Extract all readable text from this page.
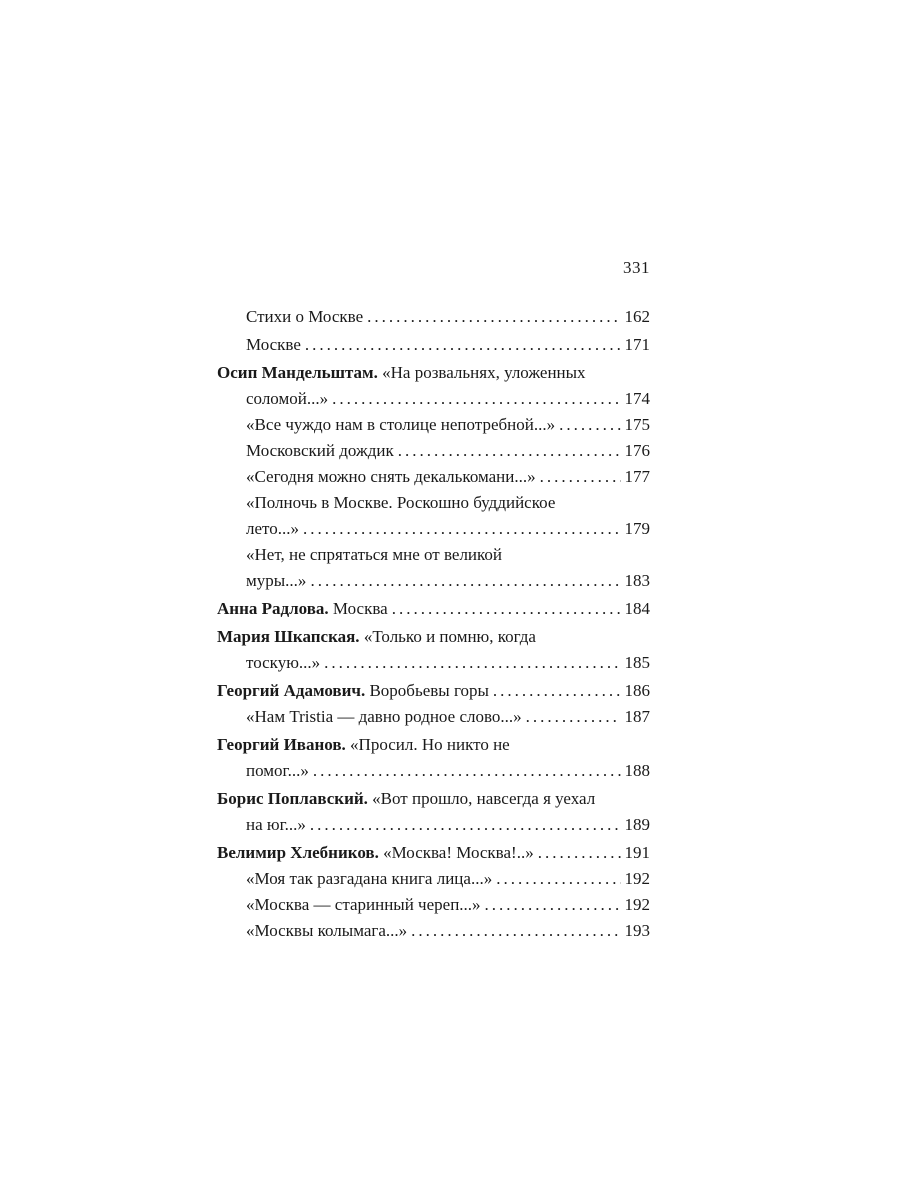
331
Стихи о Москве .....	162
Москве .....	171
Осип Мандельштам. «На розвальнях, уложенных
соломой...» .....	174
«Все чуждо нам в столице непотребной...» .....	175
Московский дождик .....	176
«Сегодня можно снять декалькомани...» .....	177
«Полночь в Москве. Роскошно буддийское
лето...» .....	179
«Нет, не спрятаться мне от великой
муры...» .....	183
Анна Радлова. Москва .....	184
Мария Шкапская. «Только и помню, когда
тоскую...» .....	185
Георгий Адамович. Воробьевы горы .....	186
«Нам Tristia — давно родное слово...» .....	187
Георгий Иванов. «Просил. Но никто не
помог...» .....	188
Борис Поплавский. «Вот прошло, навсегда я уехал
на юг...» .....	189
Велимир Хлебников. «Москва! Москва!..» .....	191
«Моя так разгадана книга лица...» .....	192
«Москва — старинный череп...» .....	192
«Москвы колымага...» .....	193
